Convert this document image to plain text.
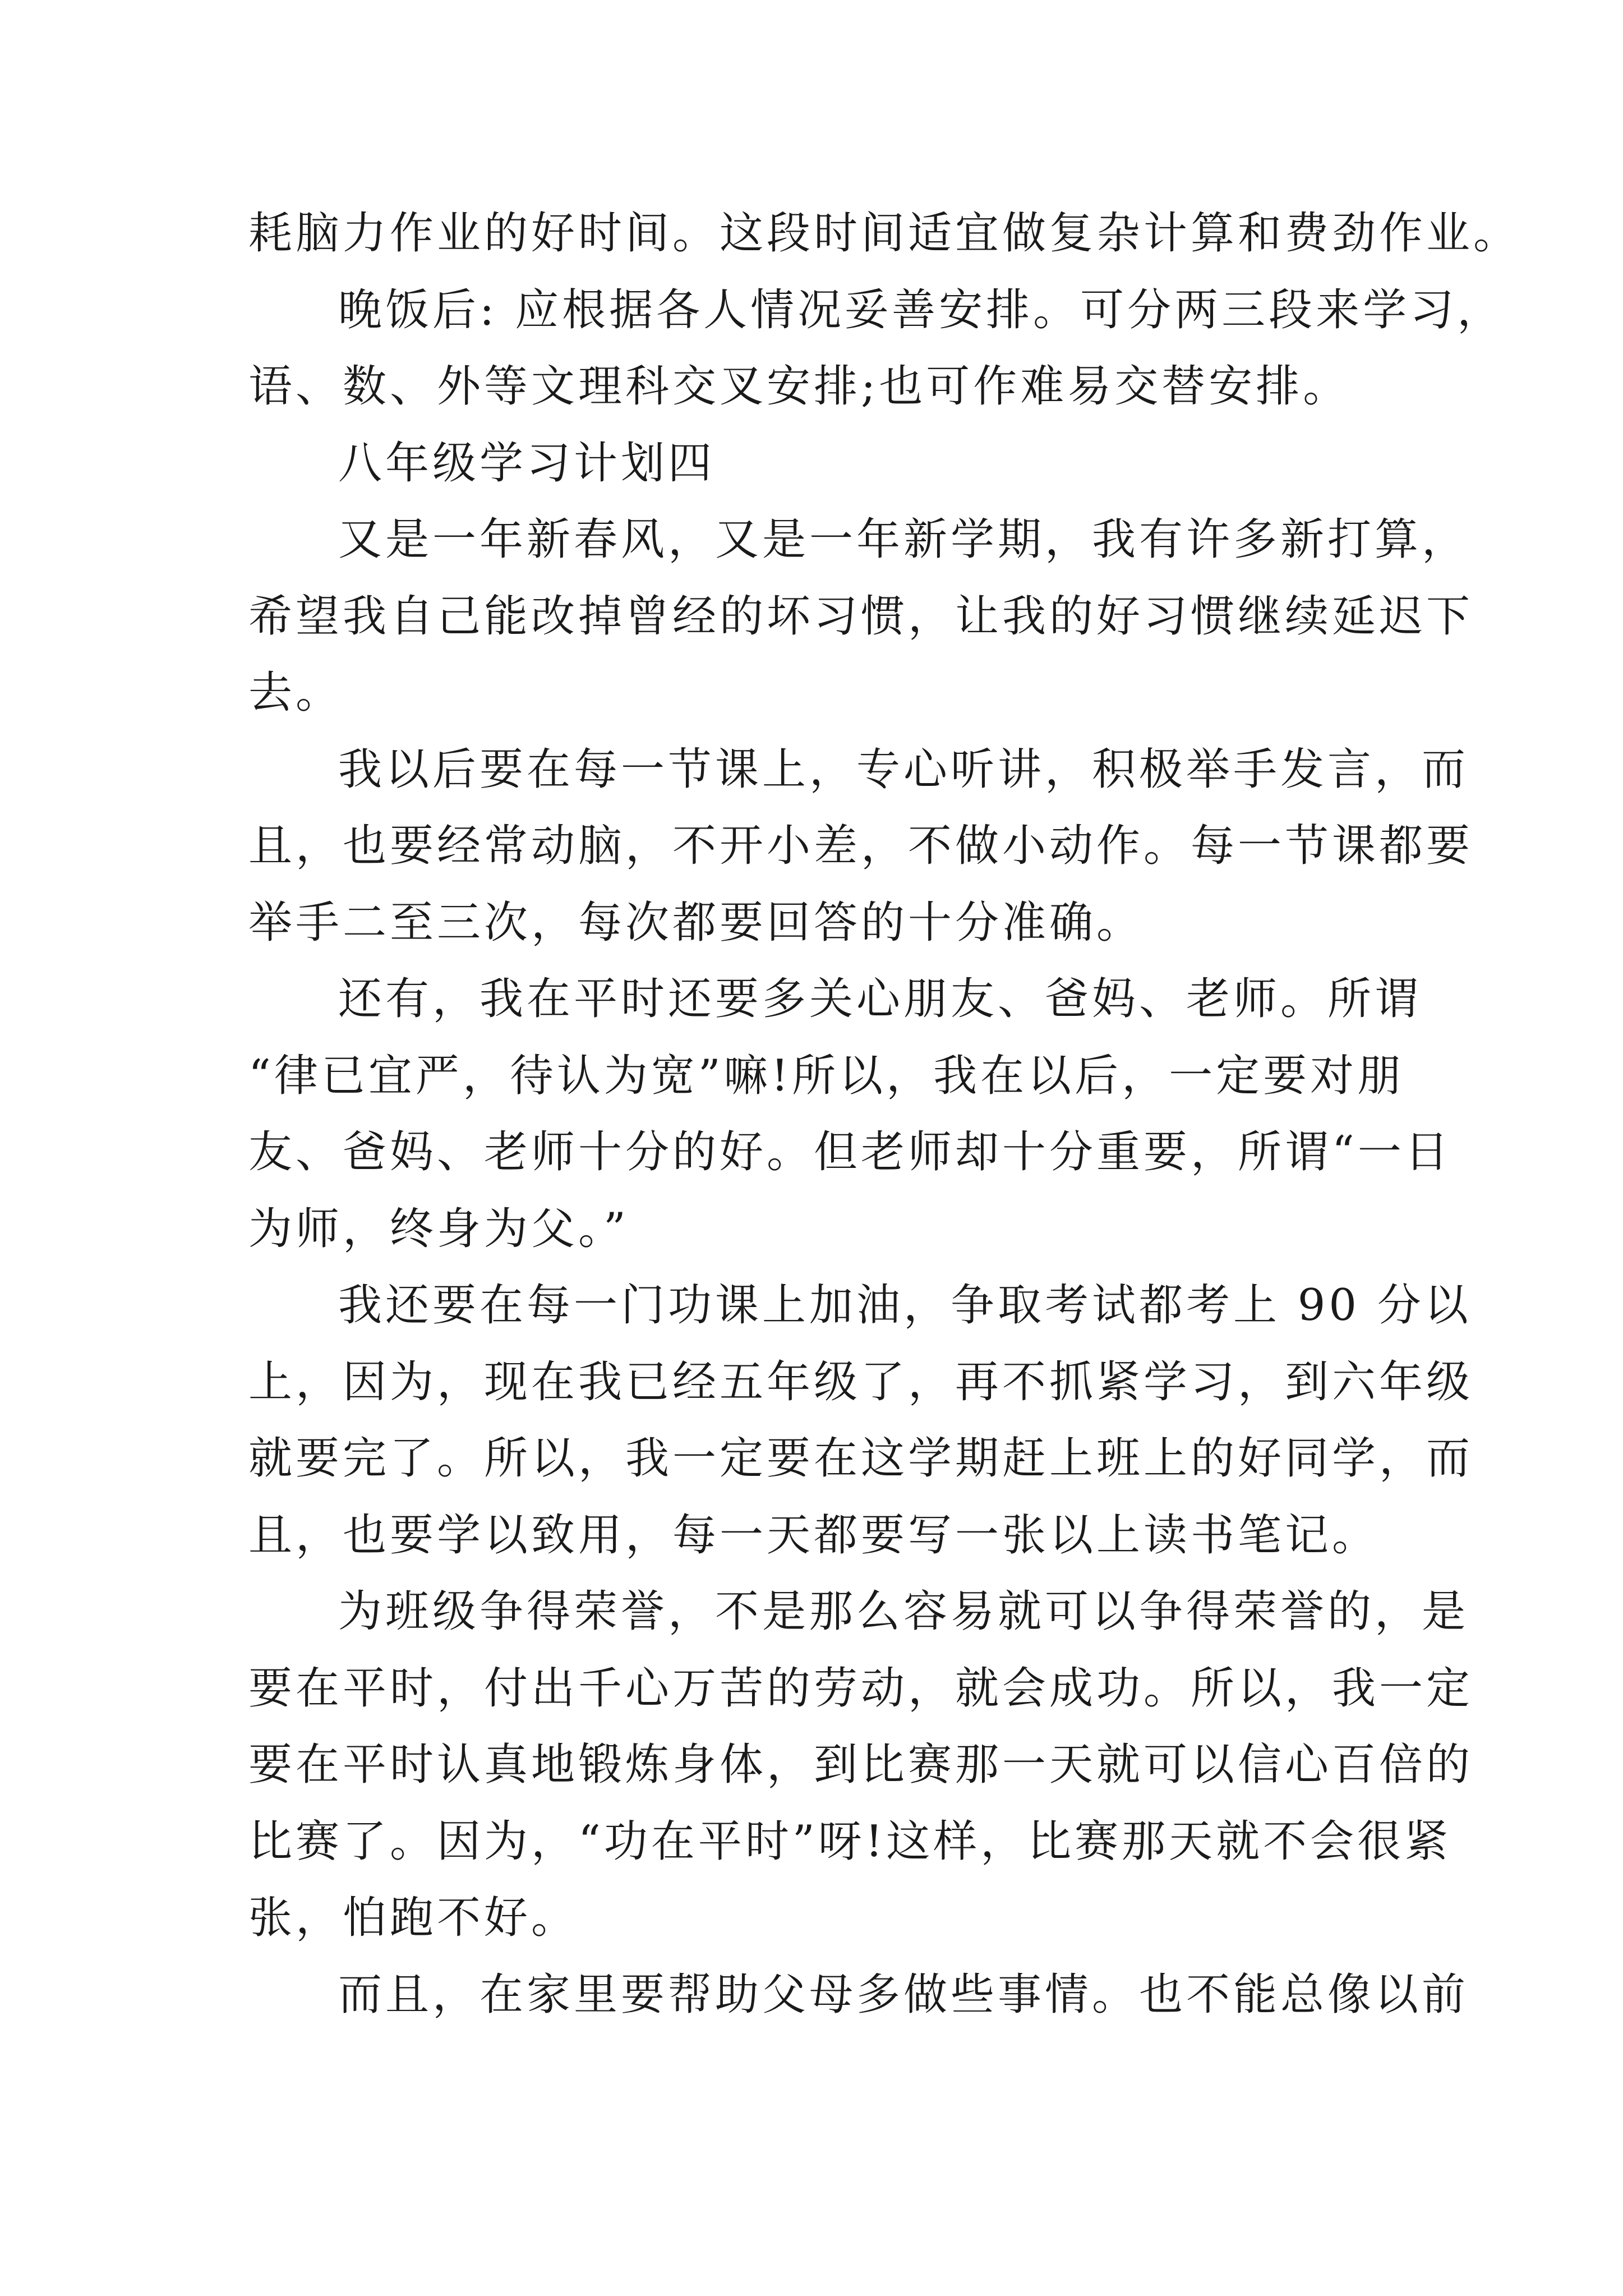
耗脑力作业的好时间。这段时间适宜做复杂计算和费劲作业。
晚饭后: 应根据各人情况妥善安排。可分两三段来学习，
语、数、外等文理科交叉安排;也可作难易交替安排。
八年级学习计划四
又是一年新春风，又是一年新学期，我有许多新打算，
希望我自己能改掉曾经的坏习惯，让我的好习惯继续延迟下
去。
我以后要在每一节课上，专心听讲，积极举手发言，而
且，也要经常动脑，不开小差，不做小动作。每一节课都要
举手二至三次，每次都要回答的十分准确。
还有，我在平时还要多关心朋友、爸妈、老师。所谓
“律已宜严，待认为宽”嘛!所以，我在以后，一定要对朋
友、爸妈、老师十分的好。但老师却十分重要，所谓“一日
为师，终身为父。”
我还要在每一门功课上加油，争取考试都考上 90 分以
上，因为，现在我已经五年级了，再不抓紧学习，到六年级
就要完了。所以，我一定要在这学期赶上班上的好同学，而
且，也要学以致用，每一天都要写一张以上读书笔记。
为班级争得荣誉，不是那么容易就可以争得荣誉的，是
要在平时，付出千心万苦的劳动，就会成功。所以，我一定
要在平时认真地锻炼身体，到比赛那一天就可以信心百倍的
比赛了。因为，“功在平时”呀!这样，比赛那天就不会很紧
张，怕跑不好。
而且，在家里要帮助父母多做些事情。也不能总像以前
